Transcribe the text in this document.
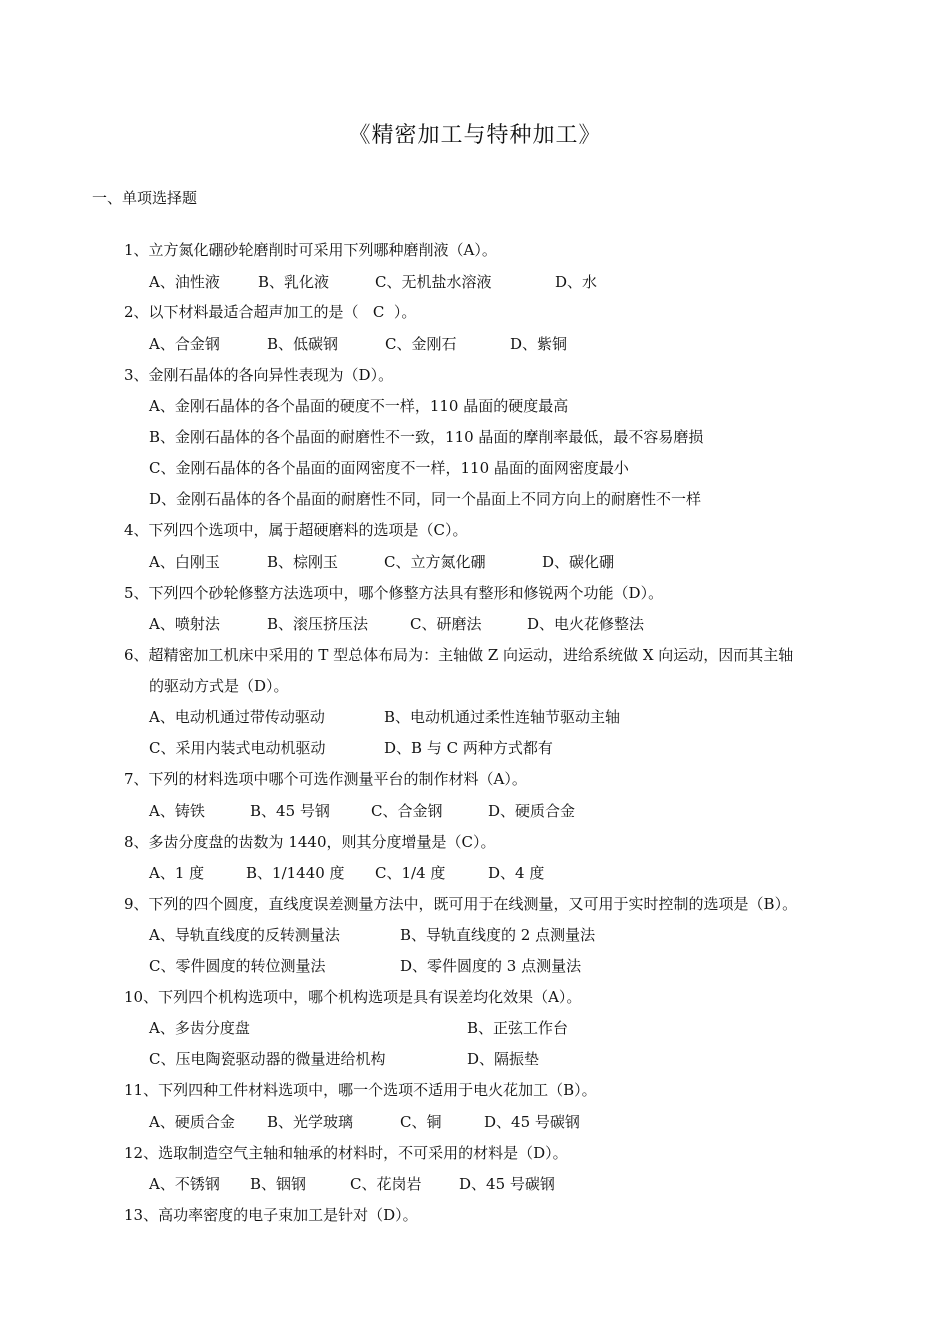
《精密加工与特种加工》
一、单项选择题
1、立方氮化硼砂轮磨削时可采用下列哪种磨削液（A）。
A、油性液	B、乳化液	C、无机盐水溶液	D、水
2、以下材料最适合超声加工的是（   C  ）。
A、合金钢	B、低碳钢	C、金刚石	D、紫铜
3、金刚石晶体的各向异性表现为（D）。
A、金刚石晶体的各个晶面的硬度不一样，110 晶面的硬度最高
B、金刚石晶体的各个晶面的耐磨性不一致，110 晶面的摩削率最低，最不容易磨损
C、金刚石晶体的各个晶面的面网密度不一样，110 晶面的面网密度最小
D、金刚石晶体的各个晶面的耐磨性不同，同一个晶面上不同方向上的耐磨性不一样
4、下列四个选项中，属于超硬磨料的选项是（C）。
A、白刚玉	B、棕刚玉	C、立方氮化硼	D、碳化硼
5、下列四个砂轮修整方法选项中，哪个修整方法具有整形和修锐两个功能（D）。
A、喷射法	B、滚压挤压法	C、研磨法	D、电火花修整法
6、超精密加工机床中采用的 T 型总体布局为：主轴做 Z 向运动，进给系统做 X 向运动，因而其主轴
的驱动方式是（D）。
A、电动机通过带传动驱动	B、电动机通过柔性连轴节驱动主轴
C、采用内装式电动机驱动	D、B 与 C 两种方式都有
7、下列的材料选项中哪个可选作测量平台的制作材料（A）。
A、铸铁	B、45 号钢	C、合金钢	D、硬质合金
8、多齿分度盘的齿数为 1440，则其分度增量是（C）。
A、1 度	B、1/1440 度 C、1/4 度	D、4 度
9、下列的四个圆度，直线度误差测量方法中，既可用于在线测量，又可用于实时控制的选项是（B）。
A、导轨直线度的反转测量法	B、导轨直线度的 2 点测量法
C、零件圆度的转位测量法	D、零件圆度的 3 点测量法
10、下列四个机构选项中，哪个机构选项是具有误差均化效果（A）。
A、多齿分度盘	B、正弦工作台
C、压电陶瓷驱动器的微量进给机构	D、隔振垫
11、下列四种工件材料选项中，哪一个选项不适用于电火花加工（B）。
A、硬质合金 B、光学玻璃	C、铜	D、45 号碳钢
12、选取制造空气主轴和轴承的材料时，不可采用的材料是（D）。
A、不锈钢 B、铟钢	C、花岗岩	D、45 号碳钢
13、高功率密度的电子束加工是针对（D）。
